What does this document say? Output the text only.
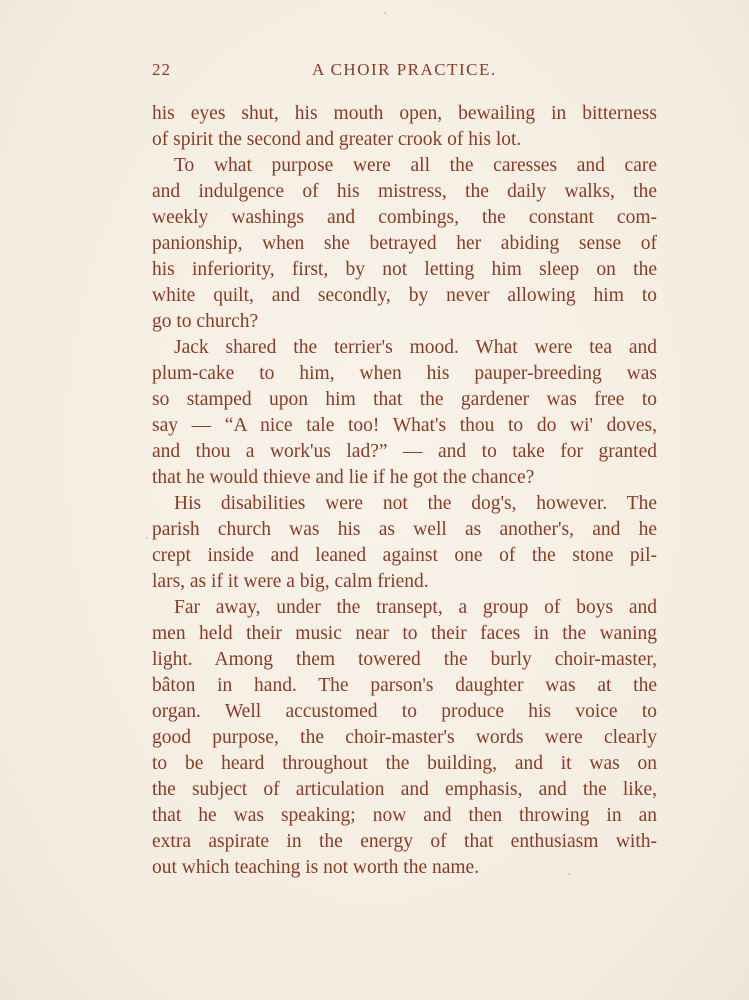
22	A CHOIR PRACTICE.
his eyes shut, his mouth open, bewailing in bitterness
of spirit the second and greater crook of his lot.
To what purpose were all the caresses and care
and indulgence of his mistress, the daily walks, the
weekly washings and combings, the constant com-
panionship, when she betrayed her abiding sense of
his inferiority, first, by not letting him sleep on the
white quilt, and secondly, by never allowing him to
go to church?
Jack shared the terrier's mood. What were tea and
plum-cake to him, when his pauper-breeding was
so stamped upon him that the gardener was free to
say — “A nice tale too! What's thou to do wi' doves,
and thou a work'us lad?” — and to take for granted
that he would thieve and lie if he got the chance?
His disabilities were not the dog's, however. The
parish church was his as well as another's, and he
crept inside and leaned against one of the stone pil-
lars, as if it were a big, calm friend.
Far away, under the transept, a group of boys and
men held their music near to their faces in the waning
light. Among them towered the burly choir-master,
bâton in hand. The parson's daughter was at the
organ. Well accustomed to produce his voice to
good purpose, the choir-master's words were clearly
to be heard throughout the building, and it was on
the subject of articulation and emphasis, and the like,
that he was speaking; now and then throwing in an
extra aspirate in the energy of that enthusiasm with-
out which teaching is not worth the name.
